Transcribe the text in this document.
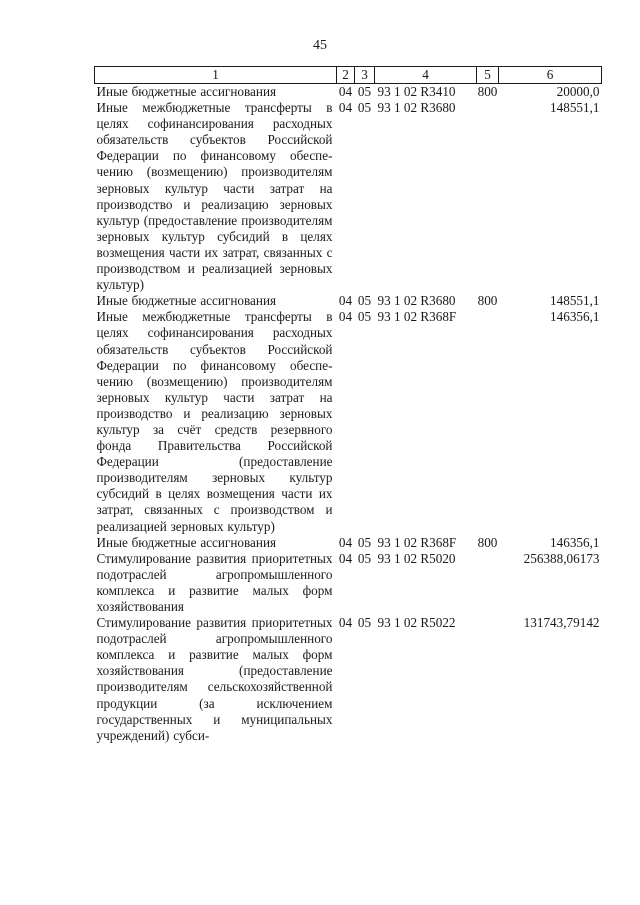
45
1	2	3	4	5	6
Иные бюджетные ассигнования	04	05	93 1 02 R3410	800	20000,0
Иные межбюджетные трансферты в целях софинансирования расходных обязательств субъектов Российской Федерации по финансовому обеспечению (возмещению) производителям зерновых культур части затрат на производство и реализацию зерновых культур (предоставление производителям зерновых культур субсидий в целях возмещения части их затрат, связанных с производством и реализацией зерновых культур)	04	05	93 1 02 R3680		148551,1
Иные бюджетные ассигнования	04	05	93 1 02 R3680	800	148551,1
Иные межбюджетные трансферты в целях софинансирования расходных обязательств субъектов Российской Федерации по финансовому обеспечению (возмещению) производителям зерновых культур части затрат на производство и реализацию зерновых культур за счёт средств резервного фонда Правительства Российской Федерации (предоставление производителям зерновых культур субсидий в целях возмещения части их затрат, связанных с производством и реализацией зерновых культур)	04	05	93 1 02 R368F		146356,1
Иные бюджетные ассигнования	04	05	93 1 02 R368F	800	146356,1
Стимулирование развития приоритетных подотраслей агропромышленного комплекса и развитие малых форм хозяйствования	04	05	93 1 02 R5020		256388,06173
Стимулирование развития приоритетных подотраслей агропромышленного комплекса и развитие малых форм хозяйствования (предоставление производителям сельскохозяйственной продукции (за исключением государственных и муниципальных учреждений) субси-	04	05	93 1 02 R5022		131743,79142
